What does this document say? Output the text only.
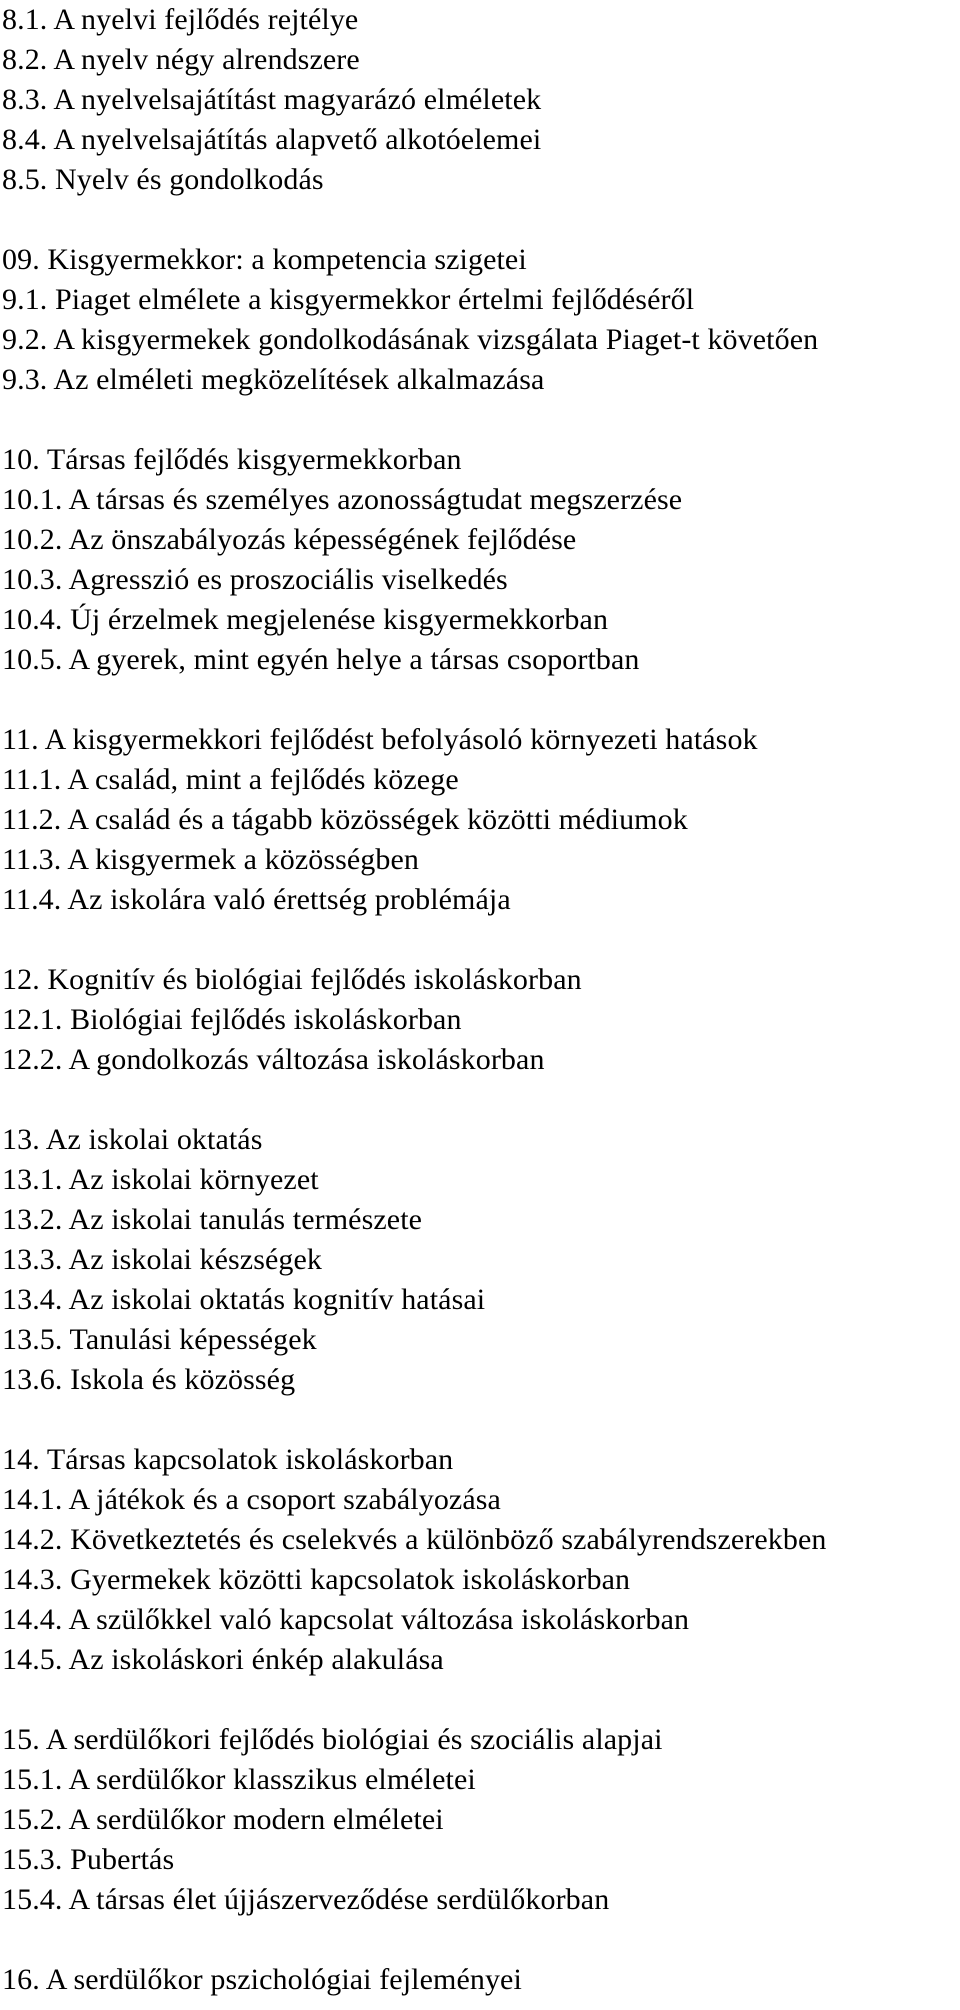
8.1. A nyelvi fejlődés rejtélye
8.2. A nyelv négy alrendszere
8.3. A nyelvelsajátítást magyarázó elméletek
8.4. A nyelvelsajátítás alapvető alkotóelemei
8.5. Nyelv és gondolkodás
09. Kisgyermekkor: a kompetencia szigetei
9.1. Piaget elmélete a kisgyermekkor értelmi fejlődéséről
9.2. A kisgyermekek gondolkodásának vizsgálata Piaget-t követően
9.3. Az elméleti megközelítések alkalmazása
10. Társas fejlődés kisgyermekkorban
10.1. A társas és személyes azonosságtudat megszerzése
10.2. Az önszabályozás képességének fejlődése
10.3. Agresszió es proszociális viselkedés
10.4. Új érzelmek megjelenése kisgyermekkorban
10.5. A gyerek, mint egyén helye a társas csoportban
11. A kisgyermekkori fejlődést befolyásoló környezeti hatások
11.1. A család, mint a fejlődés közege
11.2. A család és a tágabb közösségek közötti médiumok
11.3. A kisgyermek a közösségben
11.4. Az iskolára való érettség problémája
12. Kognitív és biológiai fejlődés iskoláskorban
12.1. Biológiai fejlődés iskoláskorban
12.2. A gondolkozás változása iskoláskorban
13. Az iskolai oktatás
13.1. Az iskolai környezet
13.2. Az iskolai tanulás természete
13.3. Az iskolai készségek
13.4. Az iskolai oktatás kognitív hatásai
13.5. Tanulási képességek
13.6. Iskola és közösség
14. Társas kapcsolatok iskoláskorban
14.1. A játékok és a csoport szabályozása
14.2. Következtetés és cselekvés a különböző szabályrendszerekben
14.3. Gyermekek közötti kapcsolatok iskoláskorban
14.4. A szülőkkel való kapcsolat változása iskoláskorban
14.5. Az iskoláskori énkép alakulása
15. A serdülőkori fejlődés biológiai és szociális alapjai
15.1. A serdülőkor klasszikus elméletei
15.2. A serdülőkor modern elméletei
15.3. Pubertás
15.4. A társas élet újjászerveződése serdülőkorban
16. A serdülőkor pszichológiai fejleményei
